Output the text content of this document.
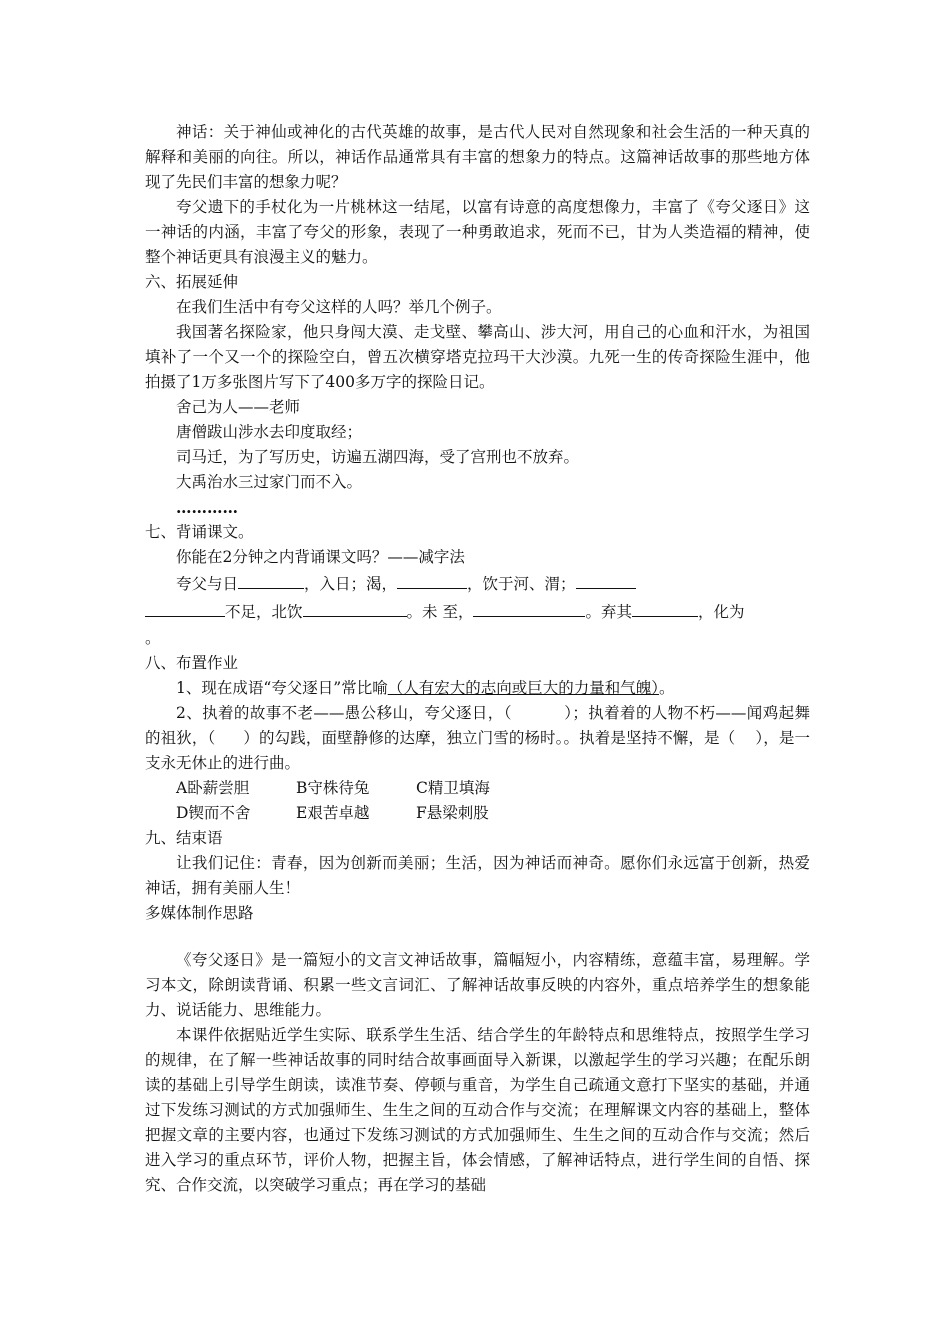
神话：关于神仙或神化的古代英雄的故事，是古代人民对自然现象和社会生活的一种天真的解释和美丽的向往。所以，神话作品通常具有丰富的想象力的特点。这篇神话故事的那些地方体现了先民们丰富的想象力呢？

夸父遗下的手杖化为一片桃林这一结尾，以富有诗意的高度想像力，丰富了《夸父逐日》这一神话的内涵，丰富了夸父的形象，表现了一种勇敢追求，死而不已，甘为人类造福的精神，使整个神话更具有浪漫主义的魅力。

六、拓展延伸

在我们生活中有夸父这样的人吗？举几个例子。

我国著名探险家，他只身闯大漠、走戈壁、攀高山、涉大河，用自己的心血和汗水，为祖国填补了一个又一个的探险空白，曾五次横穿塔克拉玛干大沙漠。九死一生的传奇探险生涯中，他拍摄了1万多张图片写下了400多万字的探险日记。

舍己为人——老师

唐僧跋山涉水去印度取经；

司马迁，为了写历史，访遍五湖四海，受了宫刑也不放弃。

大禹治水三过家门而不入。

…………

七、背诵课文。

你能在2分钟之内背诵课文吗？——减字法

夸父与日	，入日；渴，	，饮于河、渭；
不足，北饮	。未 至，	。弃其	，化为

。

八、布置作业

1、现在成语“夸父逐日”常比喻（人有宏大的志向或巨大的力量和气魄）。

2、执着的故事不老——愚公移山，夸父逐日，（	）；执着着的人物不朽——闻鸡起舞的祖狄，（ ）的勾践，面壁静修的达摩，独立门雪的杨时。。执着是坚持不懈，是（ ），是一支永无休止的进行曲。

A卧薪尝胆	B守株待兔	C精卫填海
D锲而不舍	E艰苦卓越	F悬梁刺股

九、结束语

让我们记住：青春，因为创新而美丽；生活，因为神话而神奇。愿你们永远富于创新，热爱神话，拥有美丽人生！

多媒体制作思路

《夸父逐日》是一篇短小的文言文神话故事，篇幅短小，内容精练，意蕴丰富，易理解。学习本文，除朗读背诵、积累一些文言词汇、了解神话故事反映的内容外，重点培养学生的想象能力、说话能力、思维能力。

本课件依据贴近学生实际、联系学生生活、结合学生的年龄特点和思维特点，按照学生学习的规律，在了解一些神话故事的同时结合故事画面导入新课，以激起学生的学习兴趣；在配乐朗读的基础上引导学生朗读，读准节奏、停顿与重音，为学生自己疏通文意打下坚实的基础，并通过下发练习测试的方式加强师生、生生之间的互动合作与交流；在理解课文内容的基础上，整体把握文章的主要内容，也通过下发练习测试的方式加强师生、生生之间的互动合作与交流；然后进入学习的重点环节，评价人物，把握主旨，体会情感，了解神话特点，进行学生间的自悟、探究、合作交流，以突破学习重点；再在学习的基础
